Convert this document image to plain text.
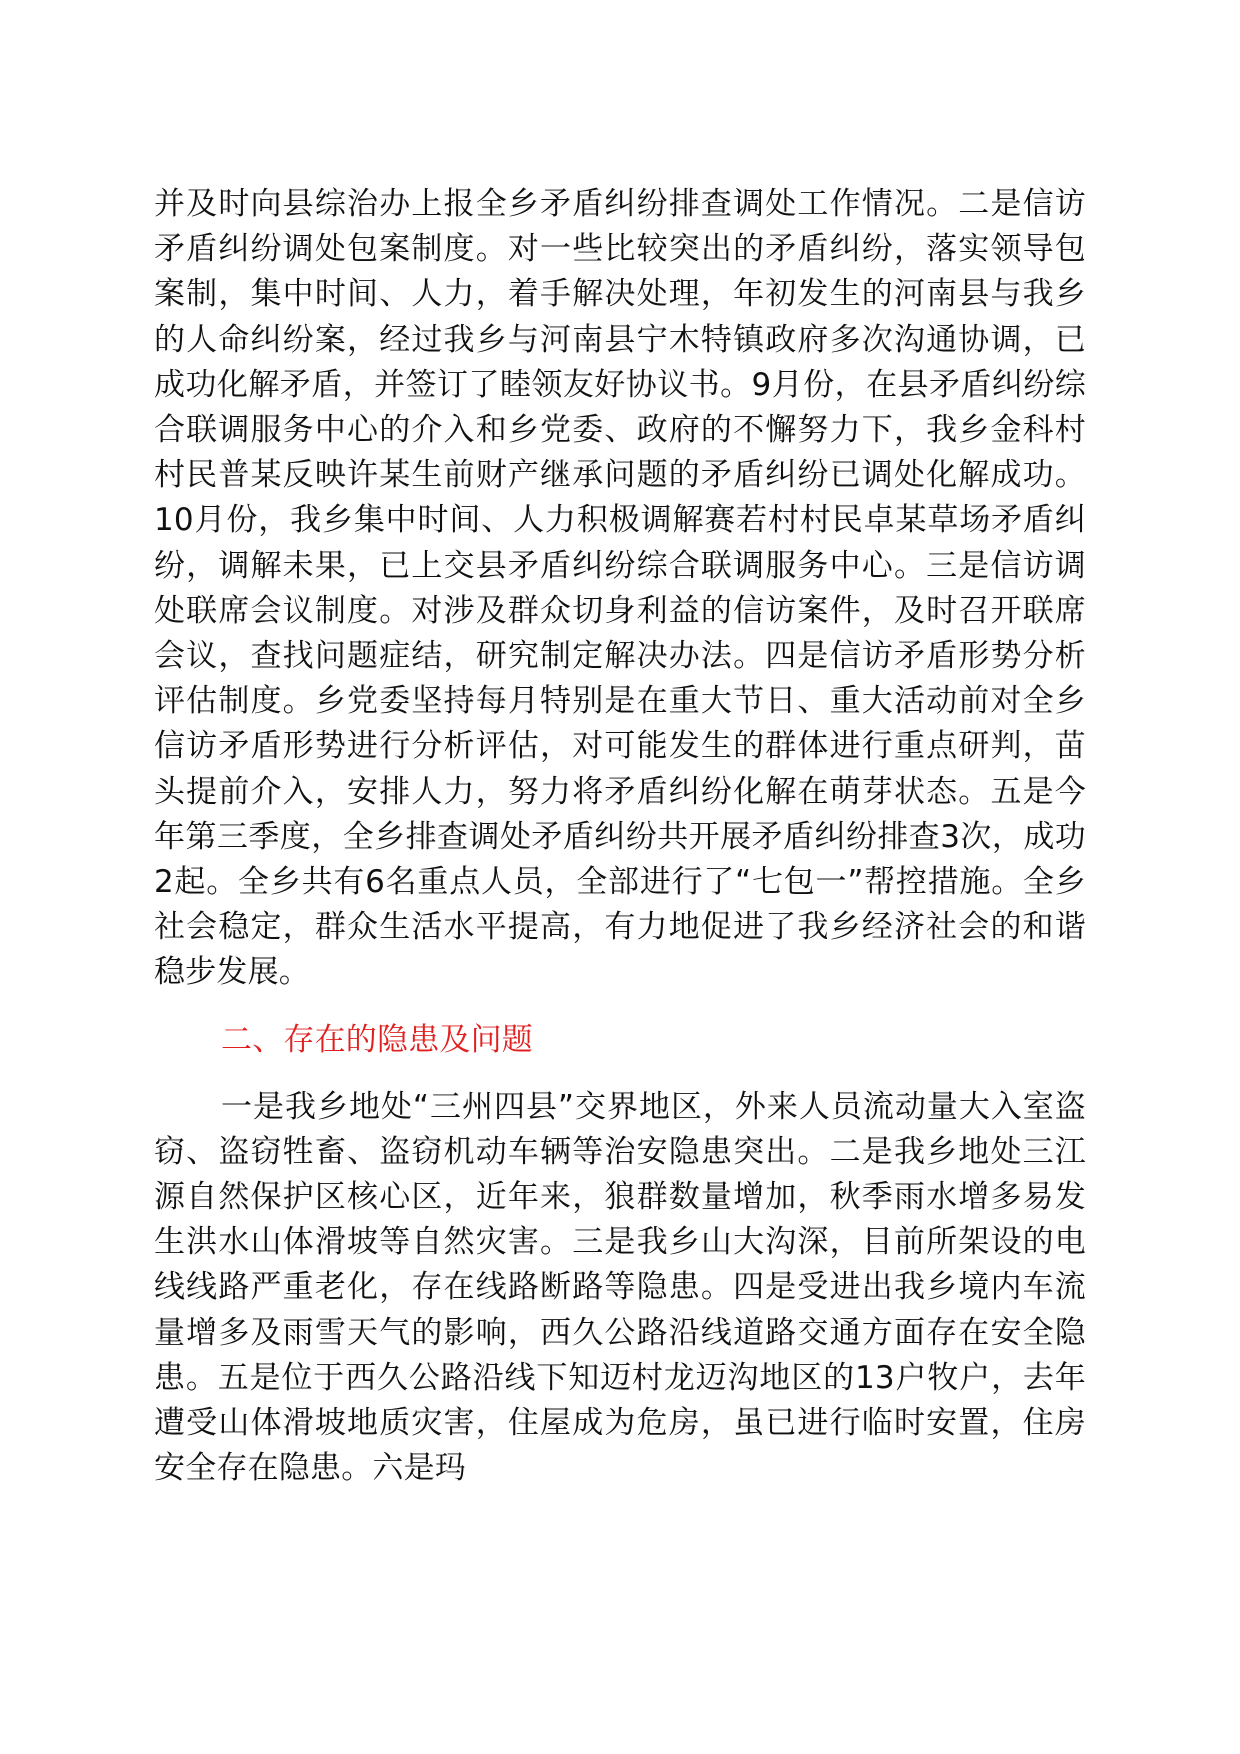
并及时向县综治办上报全乡矛盾纠纷排查调处工作情况。二是信访矛盾纠纷调处包案制度。对一些比较突出的矛盾纠纷，落实领导包案制，集中时间、人力，着手解决处理，年初发生的河南县与我乡的人命纠纷案，经过我乡与河南县宁木特镇政府多次沟通协调，已成功化解矛盾，并签订了睦领友好协议书。9月份，在县矛盾纠纷综合联调服务中心的介入和乡党委、政府的不懈努力下，我乡金科村村民普某反映许某生前财产继承问题的矛盾纠纷已调处化解成功。10月份，我乡集中时间、人力积极调解赛若村村民卓某草场矛盾纠纷，调解未果，已上交县矛盾纠纷综合联调服务中心。三是信访调处联席会议制度。对涉及群众切身利益的信访案件，及时召开联席会议，查找问题症结，研究制定解决办法。四是信访矛盾形势分析评估制度。乡党委坚持每月特别是在重大节日、重大活动前对全乡信访矛盾形势进行分析评估，对可能发生的群体进行重点研判，苗头提前介入，安排人力，努力将矛盾纠纷化解在萌芽状态。五是今年第三季度，全乡排查调处矛盾纠纷共开展矛盾纠纷排查3次，成功2起。全乡共有6名重点人员，全部进行了“七包一”帮控措施。全乡社会稳定，群众生活水平提高，有力地促进了我乡经济社会的和谐稳步发展。

二、存在的隐患及问题

一是我乡地处“三州四县”交界地区，外来人员流动量大入室盗窃、盗窃牲畜、盗窃机动车辆等治安隐患突出。二是我乡地处三江源自然保护区核心区，近年来，狼群数量增加，秋季雨水增多易发生洪水山体滑坡等自然灾害。三是我乡山大沟深，目前所架设的电线线路严重老化，存在线路断路等隐患。四是受进出我乡境内车流量增多及雨雪天气的影响，西久公路沿线道路交通方面存在安全隐患。五是位于西久公路沿线下知迈村龙迈沟地区的13户牧户，去年遭受山体滑坡地质灾害，住屋成为危房，虽已进行临时安置，住房安全存在隐患。六是玛
